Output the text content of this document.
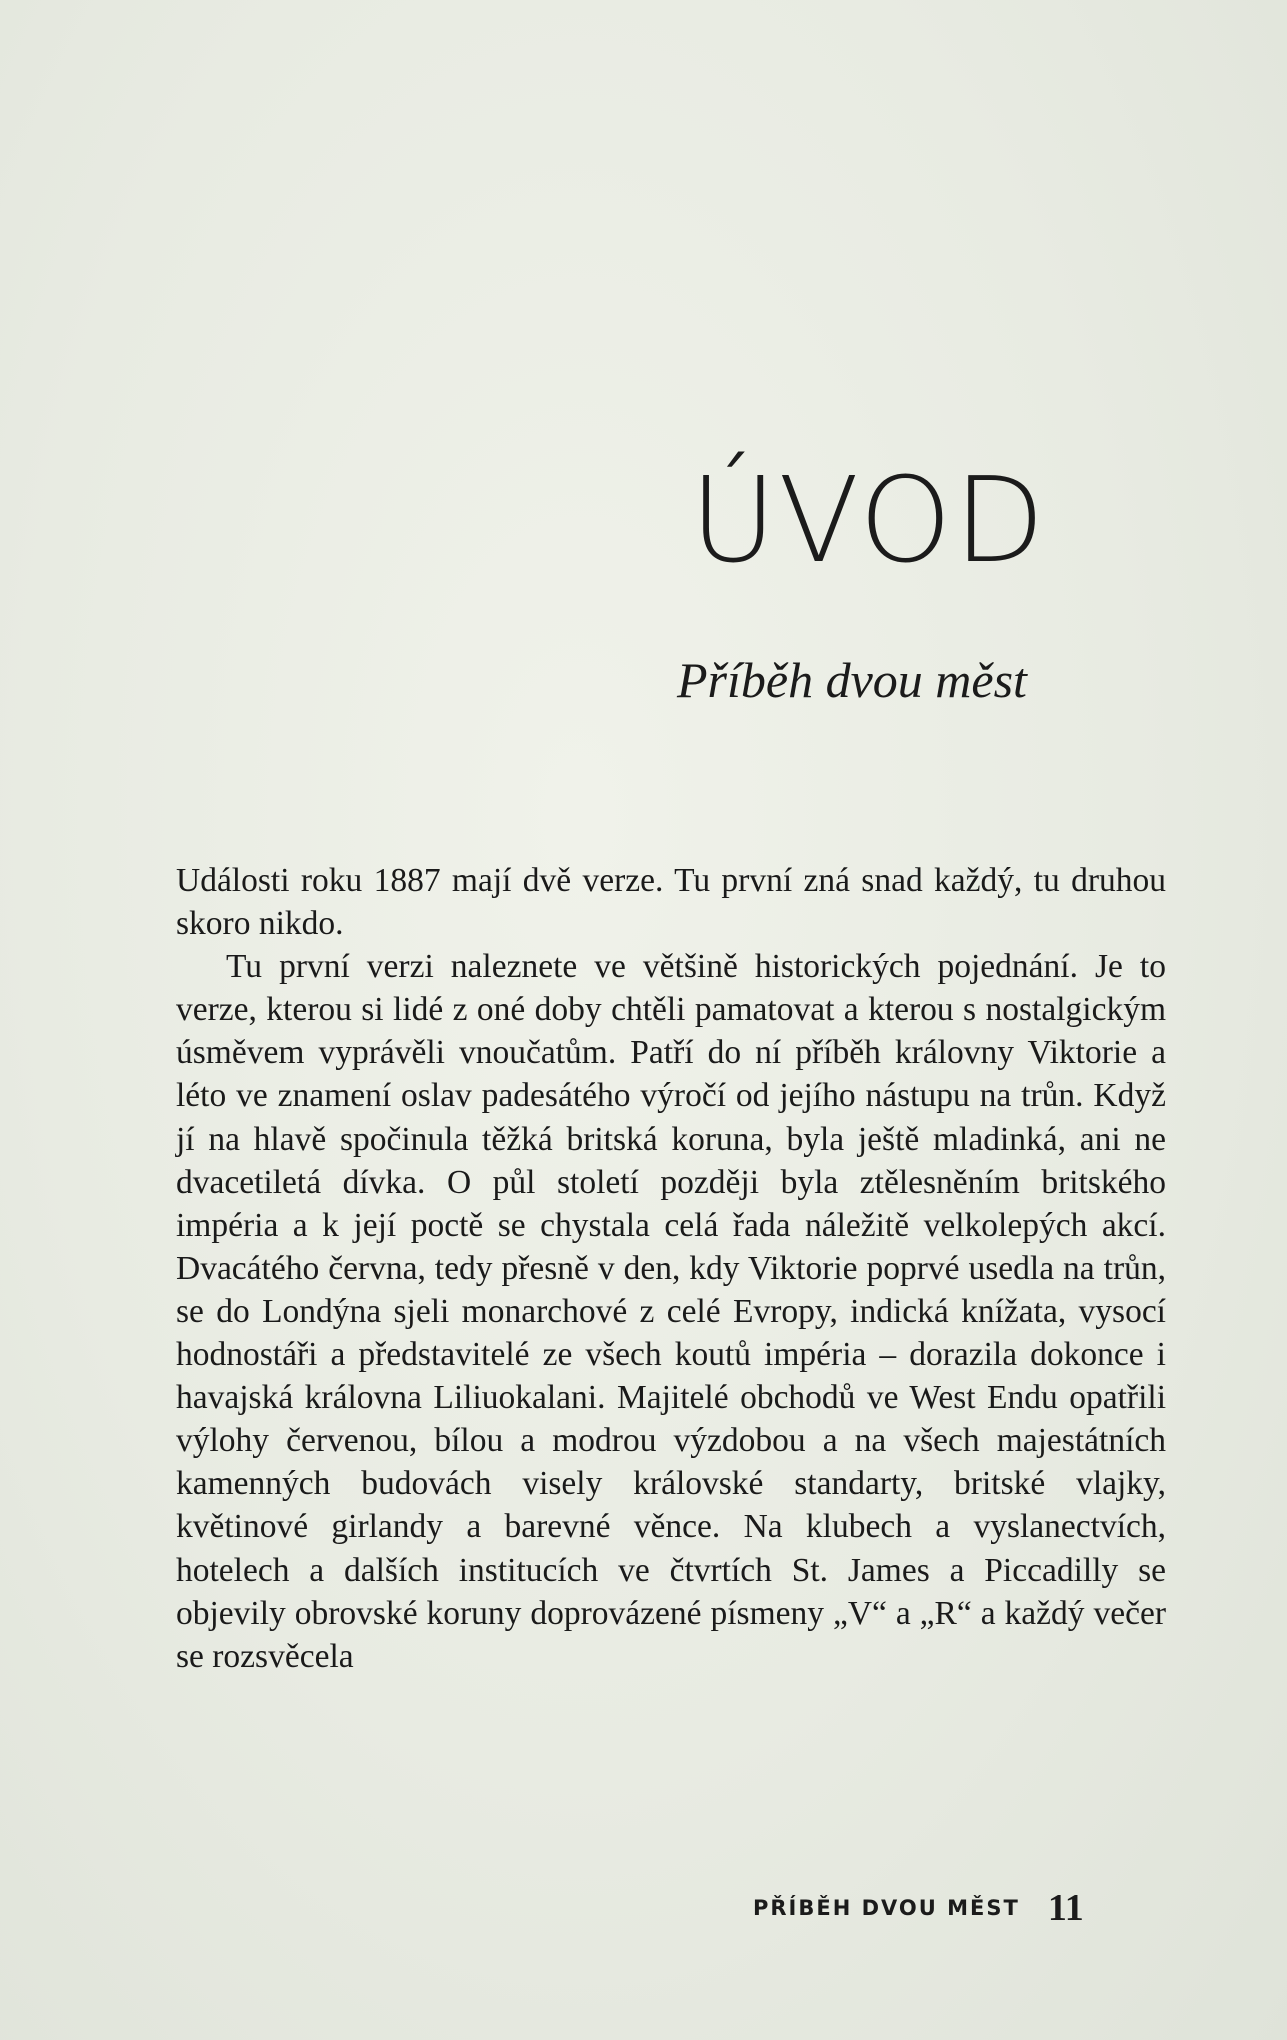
ÚVOD
Příběh dvou měst

Události roku 1887 mají dvě verze. Tu první zná snad každý, tu druhou skoro nikdo.

Tu první verzi naleznete ve většině historických pojednání. Je to verze, kterou si lidé z oné doby chtěli pamatovat a kterou s nostalgickým úsměvem vyprávěli vnoučatům. Patří do ní příběh královny Viktorie a léto ve znamení oslav padesátého výročí od jejího nástupu na trůn. Když jí na hlavě spočinula těžká britská koruna, byla ještě mladinká, ani ne dvacetiletá dívka. O půl století později byla ztělesněním britského impéria a k její poctě se chystala celá řada náležitě velkolepých akcí. Dvacátého června, tedy přesně v den, kdy Viktorie poprvé usedla na trůn, se do Londýna sjeli monarchové z celé Evropy, indická knížata, vysocí hodnostáři a představitelé ze všech koutů impéria – dorazila dokonce i havajská královna Liliuokalani. Majitelé obchodů ve West Endu opatřili výlohy červenou, bílou a modrou výzdobou a na všech majestátních kamenných budovách visely královské standarty, britské vlajky, květinové girlandy a barevné věnce. Na klubech a vyslanectvích, hotelech a dalších institucích ve čtvrtích St. James a Piccadilly se objevily obrovské koruny doprovázené písmeny „V“ a „R“ a každý večer se rozsvěcela

PŘÍBĚH DVOU MĚST 11
